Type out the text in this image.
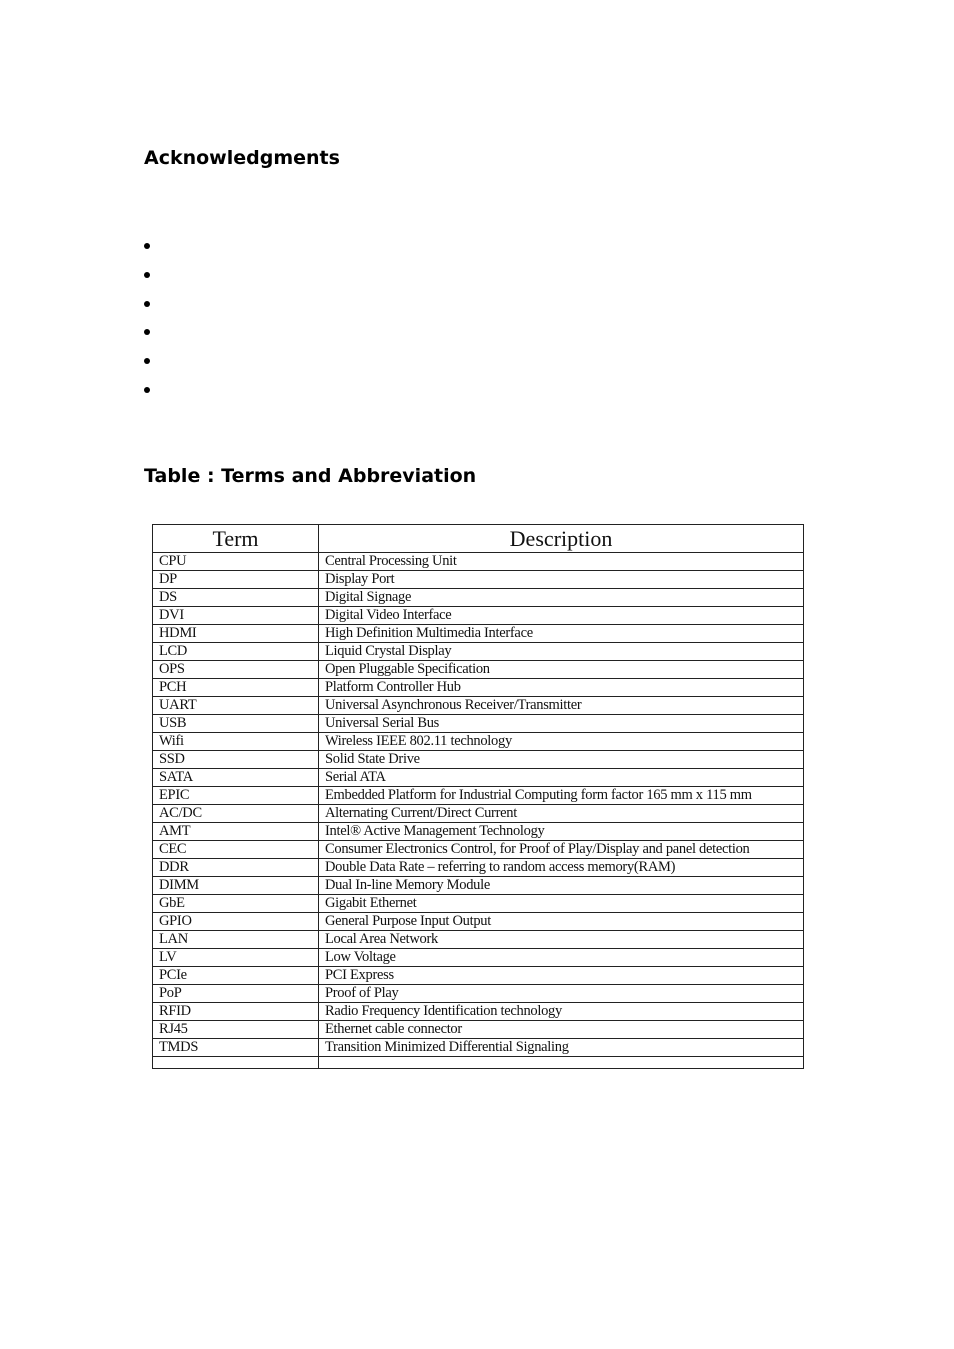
Acknowledgments
Table : Terms and Abbreviation
Term	Description
CPU	Central Processing Unit
DP	Display Port
DS	Digital Signage
DVI	Digital Video Interface
HDMI	High Definition Multimedia Interface
LCD	Liquid Crystal Display
OPS	Open Pluggable Specification
PCH	Platform Controller Hub
UART	Universal Asynchronous Receiver/Transmitter
USB	Universal Serial Bus
Wifi	Wireless IEEE 802.11 technology
SSD	Solid State Drive
SATA	Serial ATA
EPIC	Embedded Platform for Industrial Computing form factor 165 mm x 115 mm
AC/DC	Alternating Current/Direct Current
AMT	Intel® Active Management Technology
CEC	Consumer Electronics Control, for Proof of Play/Display and panel detection
DDR	Double Data Rate – referring to random access memory(RAM)
DIMM	Dual In-line Memory Module
GbE	Gigabit Ethernet
GPIO	General Purpose Input Output
LAN	Local Area Network
LV	Low Voltage
PCIe	PCI Express
PoP	Proof of Play
RFID	Radio Frequency Identification technology
RJ45	Ethernet cable connector
TMDS	Transition Minimized Differential Signaling
